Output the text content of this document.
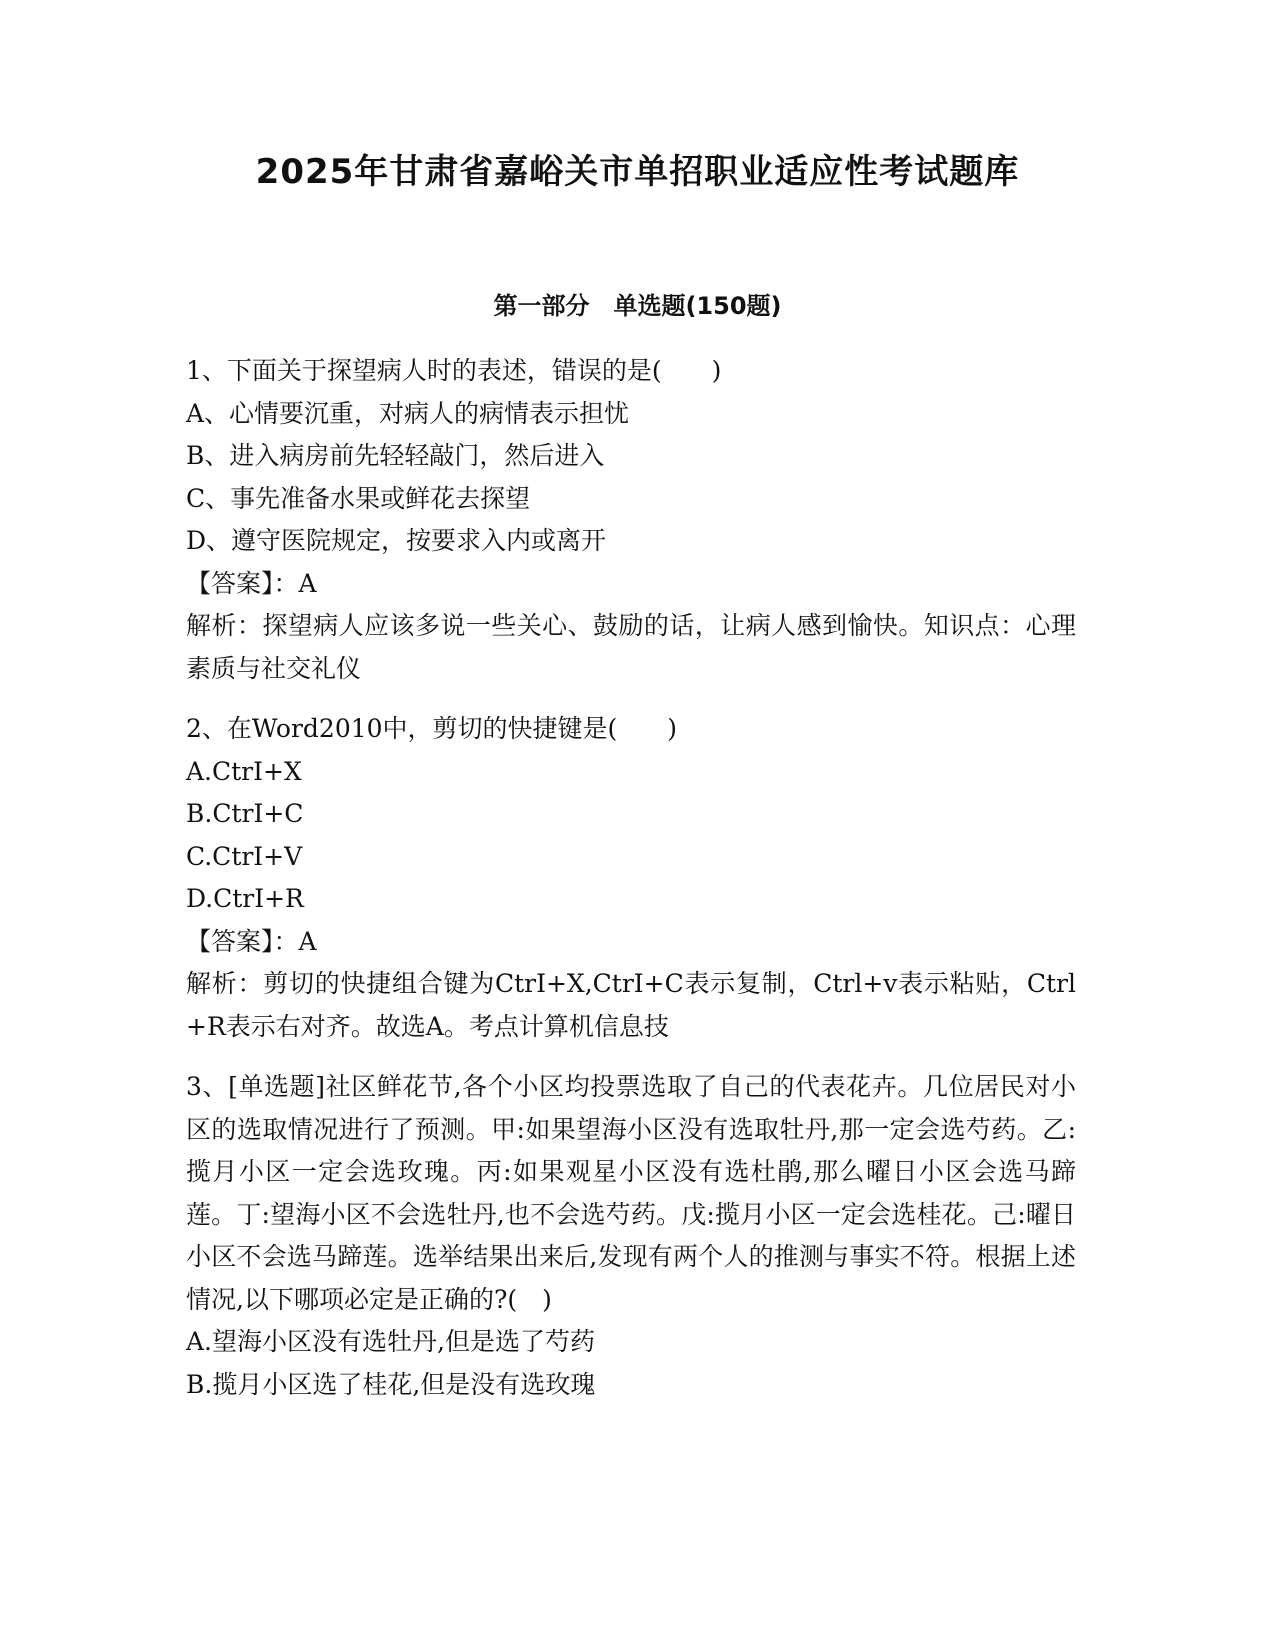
2025年甘肃省嘉峪关市单招职业适应性考试题库
第一部分　单选题(150题)
1、下面关于探望病人时的表述，错误的是(　　)
A、心情要沉重，对病人的病情表示担忧
B、进入病房前先轻轻敲门，然后进入
C、事先准备水果或鲜花去探望
D、遵守医院规定，按要求入内或离开
【答案】：A
解析：探望病人应该多说一些关心、鼓励的话，让病人感到愉快。知识点：心理素质与社交礼仪
2、在Word2010中，剪切的快捷键是(　　)
A.CtrI+X
B.CtrI+C
C.CtrI+V
D.CtrI+R
【答案】：A
解析：剪切的快捷组合键为CtrI+X,CtrI+C表示复制，Ctrl+v表示粘贴，Ctrl+R表示右对齐。故选A。考点计算机信息技
3、[单选题]社区鲜花节,各个小区均投票选取了自己的代表花卉。几位居民对小区的选取情况进行了预测。甲:如果望海小区没有选取牡丹,那一定会选芍药。乙:揽月小区一定会选玫瑰。丙:如果观星小区没有选杜鹃,那么曜日小区会选马蹄莲。丁:望海小区不会选牡丹,也不会选芍药。戊:揽月小区一定会选桂花。己:曜日小区不会选马蹄莲。选举结果出来后,发现有两个人的推测与事实不符。根据上述情况,以下哪项必定是正确的?(　)
A.望海小区没有选牡丹,但是选了芍药
B.揽月小区选了桂花,但是没有选玫瑰
